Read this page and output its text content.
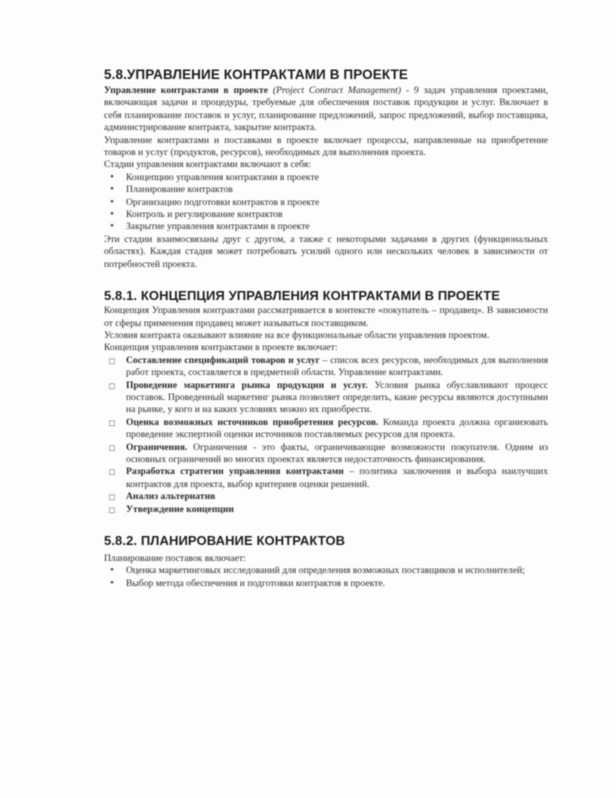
5.8.УПРАВЛЕНИЕ КОНТРАКТАМИ В ПРОЕКТЕ

Управление контрактами в проекте (Project Contract Management) - 9 задач управления проектами, включающая задачи и процедуры, требуемые для обеспечения поставок продукции и услуг. Включает в себя планирование поставок и услуг, планирование предложений, запрос предложений, выбор поставщика, администрирование контракта, закрытие контракта.

Управление контрактами и поставками в проекте включает процессы, направленные на приобретение товаров и услуг (продуктов, ресурсов), необходимых для выполнения проекта.

Стадии управления контрактами включают в себя:

•	Концепцию управления контрактами в проекте
•	Планирование контрактов
•	Организацию подготовки контрактов в проекте
•	Контроль и регулирование контрактов
•	Закрытие управления контрактами в проекте

Эти стадии взаимосвязаны друг с другом, а также с некоторыми задачами в других (функциональных областях). Каждая стадия может потребовать усилий одного или нескольких человек в зависимости от потребностей проекта.

5.8.1. КОНЦЕПЦИЯ УПРАВЛЕНИЯ КОНТРАКТАМИ В ПРОЕКТЕ

Концепция Управления контрактами рассматривается в контексте «покупатель – продавец». В зависимости от сферы применения продавец может называться поставщиком.

Условия контракта оказывают влияние на все функциональные области управления проектом.

Концепция управления контрактами в проекте включает:

□	Составление спецификаций товаров и услуг – список всех ресурсов, необходимых для выполнения работ проекта, составляется в предметной области. Управление контрактами.
□	Проведение маркетинга рынка продукции и услуг. Условия рынка обуславливают процесс поставок. Проведенный маркетинг рынка позволяет определить, какие ресурсы являются доступными на рынке, у кого и на каких условиях можно их приобрести.
□	Оценка возможных источников приобретения ресурсов. Команда проекта должна организовать проведение экспертной оценки источников поставляемых ресурсов для проекта.
□	Ограничения. Ограничения - это факты, ограничивающие возможности покупателя. Одним из основных ограничений во многих проектах является недостаточность финансирования.
□	Разработка стратегии управления контрактами – политика заключения и выбора наилучших контрактов для проекта, выбор критериев оценки решений.
□	Анализ альтернатив
□	Утверждение концепции
5.8.2. ПЛАНИРОВАНИЕ КОНТРАКТОВ

Планирование поставок включает:

•	Оценка маркетинговых исследований для определения возможных поставщиков и исполнителей;
•	Выбор метода обеспечения и подготовки контрактов в проекте.
